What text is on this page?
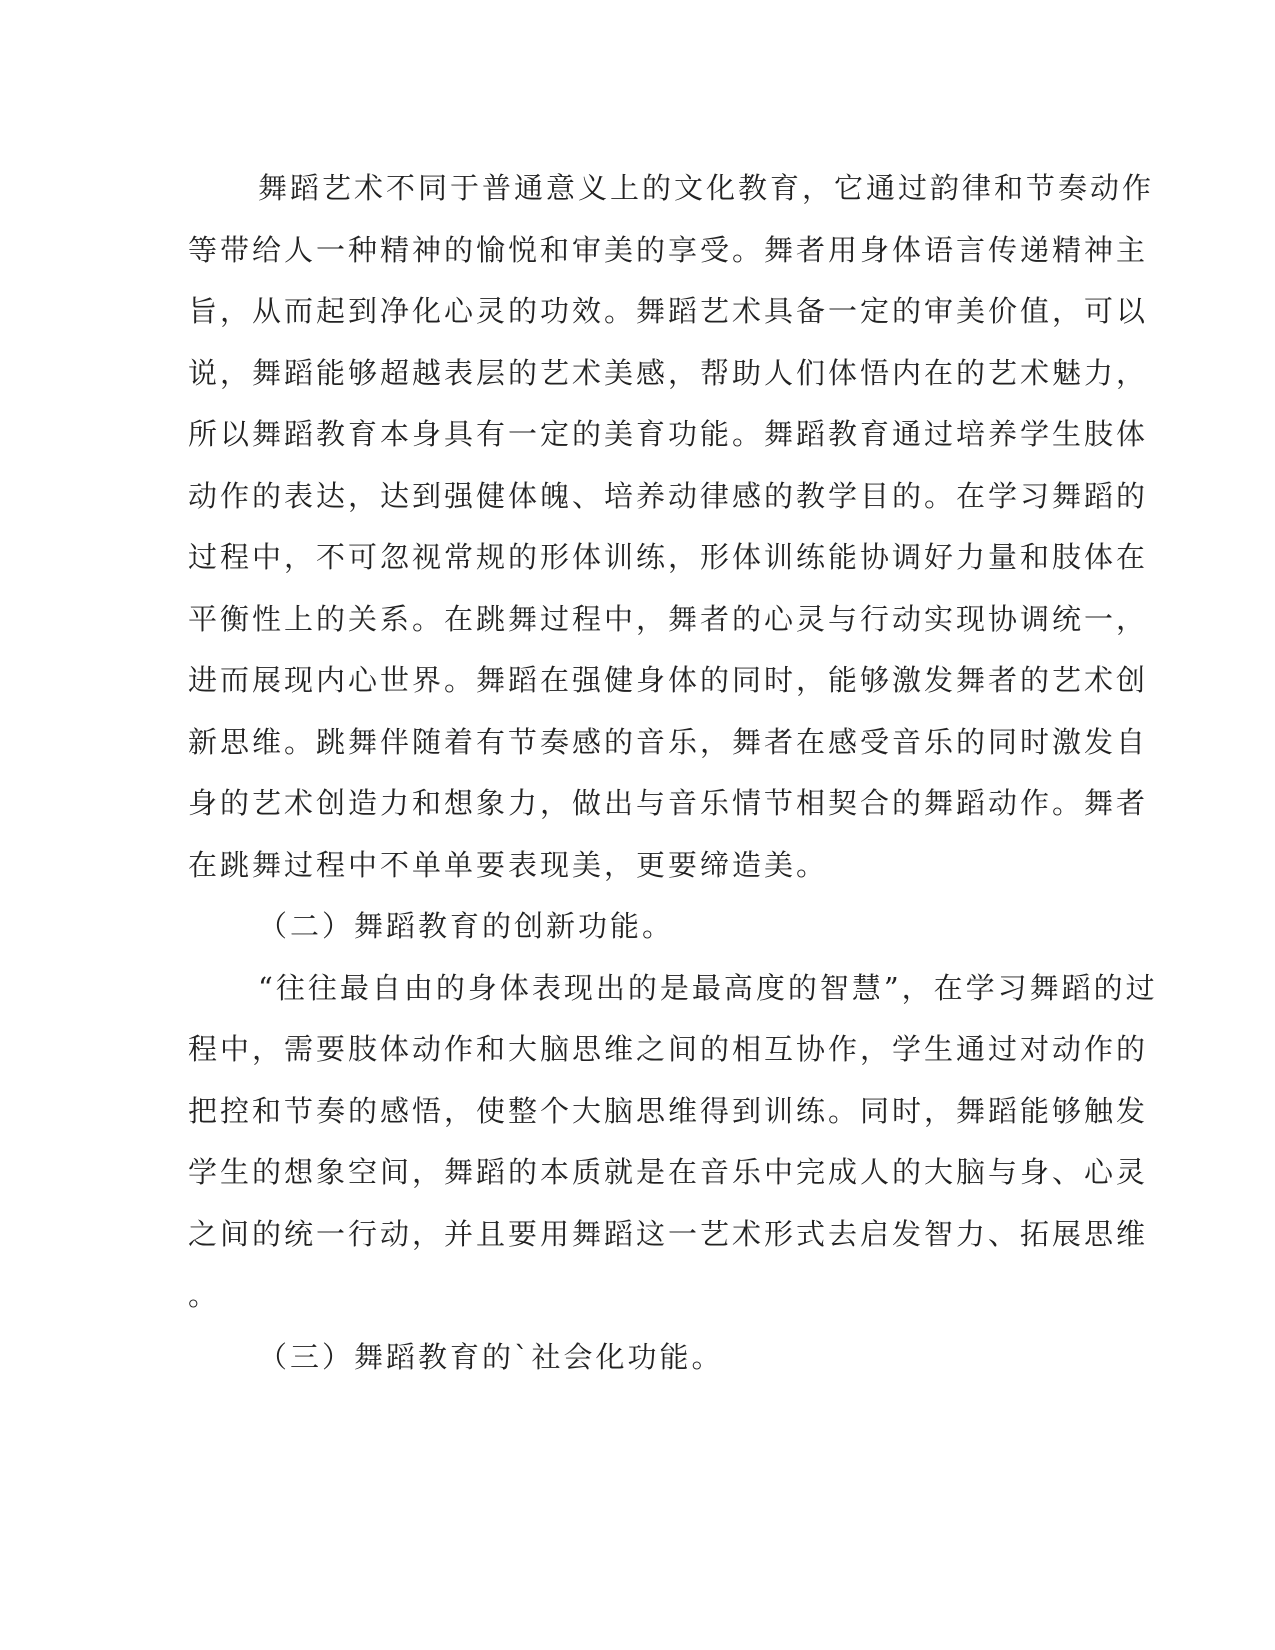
舞蹈艺术不同于普通意义上的文化教育，它通过韵律和节奏动作
等带给人一种精神的愉悦和审美的享受。舞者用身体语言传递精神主
旨，从而起到净化心灵的功效。舞蹈艺术具备一定的审美价值，可以
说，舞蹈能够超越表层的艺术美感，帮助人们体悟内在的艺术魅力，
所以舞蹈教育本身具有一定的美育功能。舞蹈教育通过培养学生肢体
动作的表达，达到强健体魄、培养动律感的教学目的。在学习舞蹈的
过程中，不可忽视常规的形体训练，形体训练能协调好力量和肢体在
平衡性上的关系。在跳舞过程中，舞者的心灵与行动实现协调统一，
进而展现内心世界。舞蹈在强健身体的同时，能够激发舞者的艺术创
新思维。跳舞伴随着有节奏感的音乐，舞者在感受音乐的同时激发自
身的艺术创造力和想象力，做出与音乐情节相契合的舞蹈动作。舞者
在跳舞过程中不单单要表现美，更要缔造美。
（二）舞蹈教育的创新功能。
“往往最自由的身体表现出的是最高度的智慧”，在学习舞蹈的过
程中，需要肢体动作和大脑思维之间的相互协作，学生通过对动作的
把控和节奏的感悟，使整个大脑思维得到训练。同时，舞蹈能够触发
学生的想象空间，舞蹈的本质就是在音乐中完成人的大脑与身、心灵
之间的统一行动，并且要用舞蹈这一艺术形式去启发智力、拓展思维
。
（三）舞蹈教育的`社会化功能。
